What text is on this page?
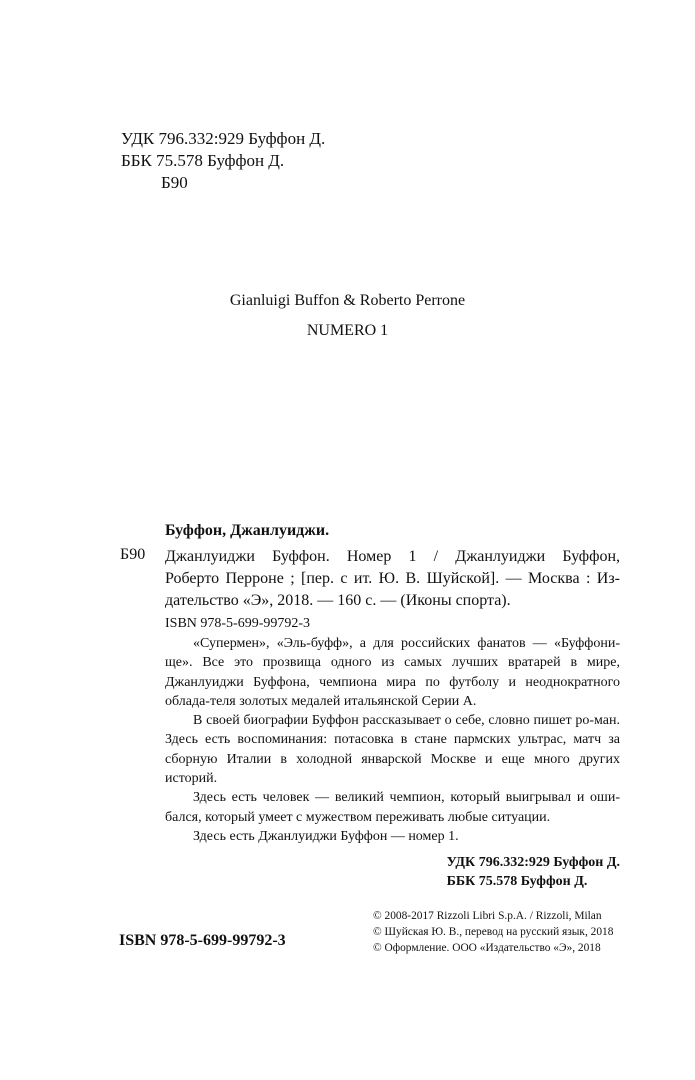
УДК 796.332:929 Буффон Д.
ББК 75.578 Буффон Д.
Б90
Gianluigi Buffon & Roberto Perrone
NUMERO 1
Буффон, Джанлуиджи.
Б90 Джанлуиджи Буффон. Номер 1 / Джанлуиджи Буффон,
Роберто Перроне ; [пер. с ит. Ю. В. Шуйской]. — Москва : Из-
дательство «Э», 2018. — 160 с. — (Иконы спорта).
ISBN 978-5-699-99792-3

«Супермен», «Эль-буфф», а для российских фанатов — «Буффони-ще». Все это прозвища одного из самых лучших вратарей в мире, Джанлуиджи Буффона, чемпиона мира по футболу и неоднократного облада-теля золотых медалей итальянской Серии А.

В своей биографии Буффон рассказывает о себе, словно пишет ро-ман. Здесь есть воспоминания: потасовка в стане пармских ультрас, матч за сборную Италии в холодной январской Москве и еще много других историй.

Здесь есть человек — великий чемпион, который выигрывал и оши-бался, который умеет с мужеством переживать любые ситуации.

Здесь есть Джанлуиджи Буффон — номер 1.

УДК 796.332:929 Буффон Д.
ББК 75.578 Буффон Д.
ISBN 978-5-699-99792-3
© 2008-2017 Rizzoli Libri S.p.A. / Rizzoli, Milan
© Шуйская Ю. В., перевод на русский язык, 2018
© Оформление. ООО «Издательство «Э», 2018
